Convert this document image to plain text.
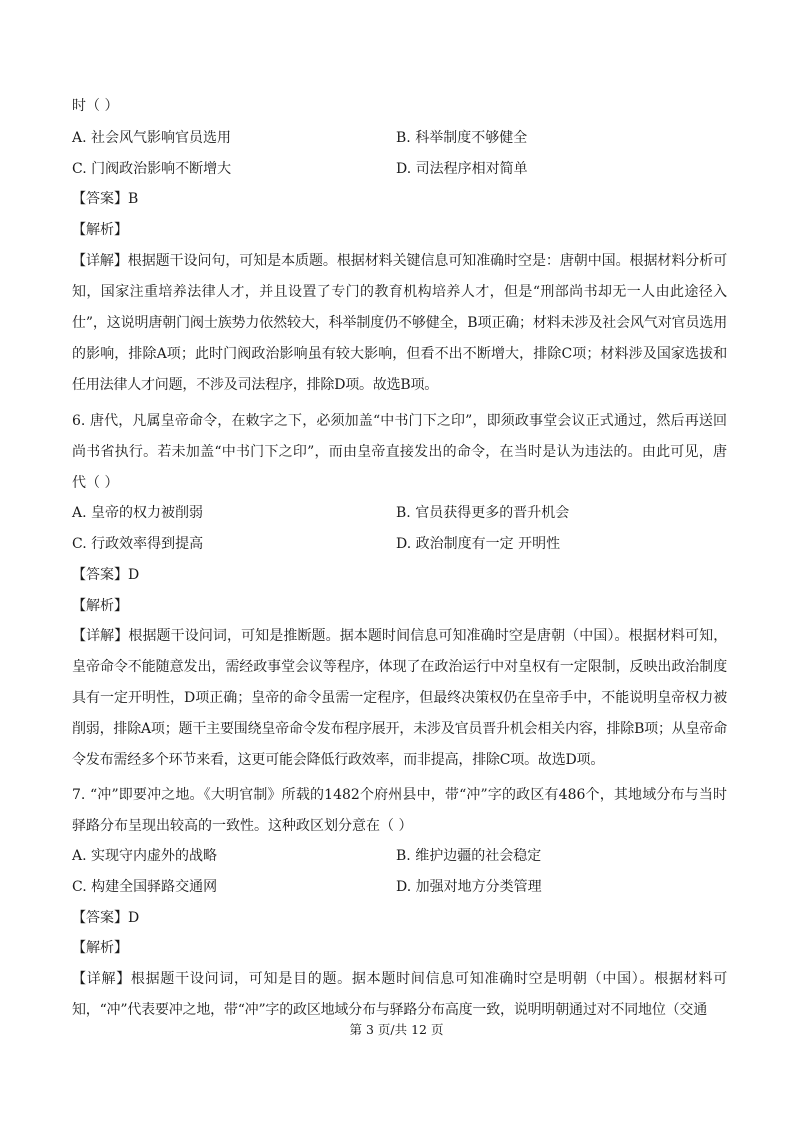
时（ ）
A. 社会风气影响官员选用	B. 科举制度不够健全
C. 门阀政治影响不断增大	D. 司法程序相对简单
【答案】B
【解析】
【详解】根据题干设问句，可知是本质题。根据材料关键信息可知准确时空是：唐朝中国。根据材料分析可知，国家注重培养法律人才，并且设置了专门的教育机构培养人才，但是“刑部尚书却无一人由此途径入仕”，这说明唐朝门阀士族势力依然较大，科举制度仍不够健全，B项正确；材料未涉及社会风气对官员选用的影响，排除A项；此时门阀政治影响虽有较大影响，但看不出不断增大，排除C项；材料涉及国家选拔和任用法律人才问题，不涉及司法程序，排除D项。故选B项。
6. 唐代，凡属皇帝命令，在敕字之下，必须加盖“中书门下之印”，即须政事堂会议正式通过，然后再送回尚书省执行。若未加盖“中书门下之印”，而由皇帝直接发出的命令，在当时是认为违法的。由此可见，唐代（ ）
A. 皇帝的权力被削弱	B. 官员获得更多的晋升机会
C. 行政效率得到提高	D. 政治制度有一定 开明性
【答案】D
【解析】
【详解】根据题干设问词，可知是推断题。据本题时间信息可知准确时空是唐朝（中国）。根据材料可知，皇帝命令不能随意发出，需经政事堂会议等程序，体现了在政治运行中对皇权有一定限制，反映出政治制度具有一定开明性，D项正确；皇帝的命令虽需一定程序，但最终决策权仍在皇帝手中，不能说明皇帝权力被削弱，排除A项；题干主要围绕皇帝命令发布程序展开，未涉及官员晋升机会相关内容，排除B项；从皇帝命令发布需经多个环节来看，这更可能会降低行政效率，而非提高，排除C项。故选D项。
7. “冲”即要冲之地。《大明官制》所载的1482个府州县中，带“冲”字的政区有486个，其地域分布与当时驿路分布呈现出较高的一致性。这种政区划分意在（ ）
A. 实现守内虚外的战略	B. 维护边疆的社会稳定
C. 构建全国驿路交通网	D. 加强对地方分类管理
【答案】D
【解析】
【详解】根据题干设问词，可知是目的题。据本题时间信息可知准确时空是明朝（中国）。根据材料可知，“冲”代表要冲之地，带“冲”字的政区地域分布与驿路分布高度一致，说明明朝通过对不同地位（交通
第 3 页/共 12 页
